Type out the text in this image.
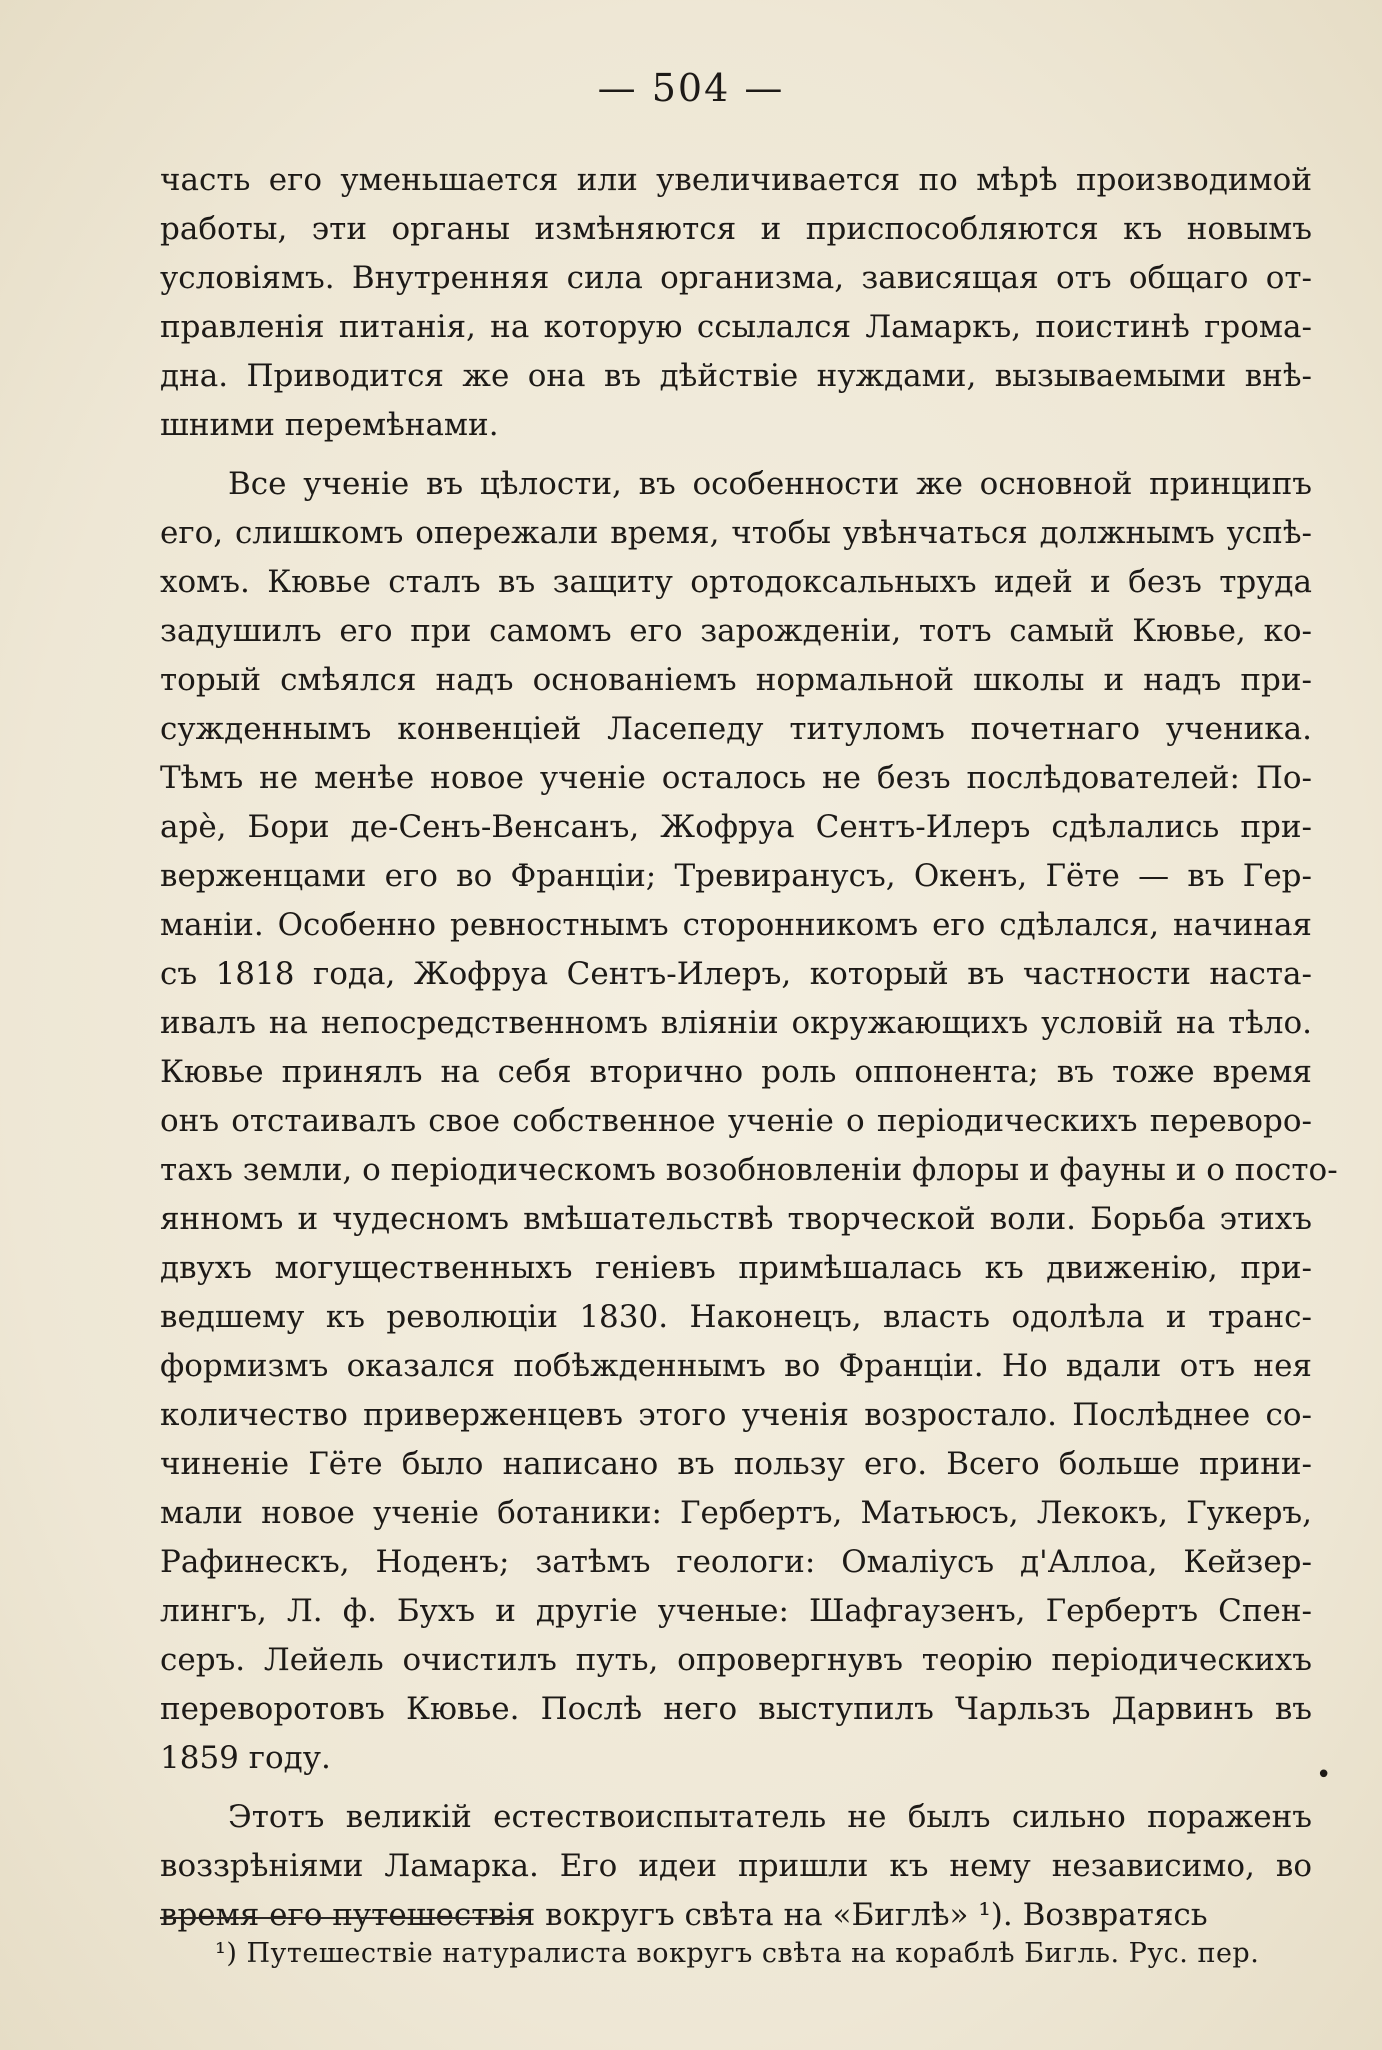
— 504 —
часть его уменьшается или увеличивается по мѣрѣ производимой
работы, эти органы измѣняются и приспособляются къ новымъ
условіямъ. Внутренняя сила организма, зависящая отъ общаго от-
правленія питанія, на которую ссылался Ламаркъ, поистинѣ грома-
дна. Приводится же она въ дѣйствіе нуждами, вызываемыми внѣ-
шними перемѣнами.
Все ученіе въ цѣлости, въ особенности же основной принципъ
его, слишкомъ опережали время, чтобы увѣнчаться должнымъ успѣ-
хомъ. Кювье сталъ въ защиту ортодоксальныхъ идей и безъ труда
задушилъ его при самомъ его зарожденіи, тотъ самый Кювье, ко-
торый смѣялся надъ основаніемъ нормальной школы и надъ при-
сужденнымъ конвенціей Ласепеду титуломъ почетнаго ученика.
Тѣмъ не менѣе новое ученіе осталось не безъ послѣдователей: По-
арè, Бори де-Сенъ-Венсанъ, Жофруа Сентъ-Илеръ сдѣлались при-
верженцами его во Франціи; Тревиранусъ, Окенъ, Гёте — въ Гер-
маніи. Особенно ревностнымъ сторонникомъ его сдѣлался, начиная
съ 1818 года, Жофруа Сентъ-Илеръ, который въ частности наста-
ивалъ на непосредственномъ вліяніи окружающихъ условій на тѣло.
Кювье принялъ на себя вторично роль оппонента; въ тоже время
онъ отстаивалъ свое собственное ученіе о періодическихъ переворо-
тахъ земли, о періодическомъ возобновленіи флоры и фауны и о посто-
янномъ и чудесномъ вмѣшательствѣ творческой воли. Борьба этихъ
двухъ могущественныхъ геніевъ примѣшалась къ движенію, при-
ведшему къ революціи 1830. Наконецъ, власть одолѣла и транс-
формизмъ оказался побѣжденнымъ во Франціи. Но вдали отъ нея
количество приверженцевъ этого ученія возростало. Послѣднее со-
чиненіе Гёте было написано въ пользу его. Всего больше прини-
мали новое ученіе ботаники: Гербертъ, Матьюсъ, Лекокъ, Гукеръ,
Рафинескъ, Ноденъ; затѣмъ геологи: Омаліусъ д'Аллоа, Кейзер-
лингъ, Л. ф. Бухъ и другіе ученые: Шафгаузенъ, Гербертъ Спен-
серъ. Лейель очистилъ путь, опровергнувъ теорію періодическихъ
переворотовъ Кювье. Послѣ него выступилъ Чарльзъ Дарвинъ въ
1859 году.
Этотъ великій естествоиспытатель не былъ сильно пораженъ
воззрѣніями Ламарка. Его идеи пришли къ нему независимо, во
время его путешествія вокругъ свѣта на «Биглѣ» ¹). Возвратясь
•
¹) Путешествіе натуралиста вокругъ свѣта на кораблѣ Бигль. Рус. пер.
